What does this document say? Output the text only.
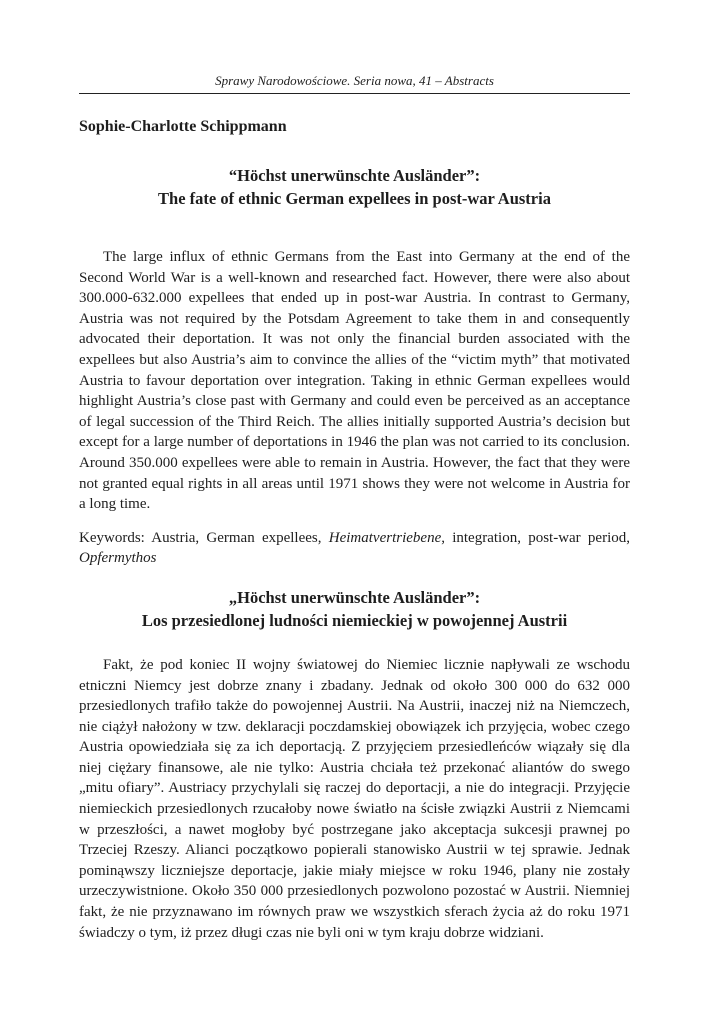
Sprawy Narodowościowe. Seria nowa, 41 – Abstracts
Sophie-Charlotte Schippmann
“Höchst unerwünschte Ausländer”:
The fate of ethnic German expellees in post-war Austria

The large influx of ethnic Germans from the East into Germany at the end of the Second World War is a well-known and researched fact. However, there were also about 300.000-632.000 expellees that ended up in post-war Austria. In contrast to Germany, Austria was not required by the Potsdam Agreement to take them in and consequently advocated their deportation. It was not only the financial burden associated with the expellees but also Austria’s aim to convince the allies of the “victim myth” that motivated Austria to favour deportation over integration. Taking in ethnic German expellees would highlight Austria’s close past with Germany and could even be perceived as an acceptance of legal succession of the Third Reich. The allies initially supported Austria’s decision but except for a large number of deportations in 1946 the plan was not carried to its conclusion. Around 350.000 expellees were able to remain in Austria. However, the fact that they were not granted equal rights in all areas until 1971 shows they were not welcome in Austria for a long time.

Keywords: Austria, German expellees, Heimatvertriebene, integration, post-war period, Opfermythos
„Höchst unerwünschte Ausländer”:
Los przesiedlonej ludności niemieckiej w powojennej Austrii

Fakt, że pod koniec II wojny światowej do Niemiec licznie napływali ze wschodu etniczni Niemcy jest dobrze znany i zbadany. Jednak od około 300 000 do 632 000 przesiedlonych trafiło także do powojennej Austrii. Na Austrii, inaczej niż na Niemczech, nie ciążył nałożony w tzw. deklaracji poczdamskiej obowiązek ich przyjęcia, wobec czego Austria opowiedziała się za ich deportacją. Z przyjęciem przesiedleńców wiązały się dla niej ciężary finansowe, ale nie tylko: Austria chciała też przekonać aliantów do swego „mitu ofiary”. Austriacy przychylali się raczej do deportacji, a nie do integracji. Przyjęcie niemieckich przesiedlonych rzucałoby nowe światło na ścisłe związki Austrii z Niemcami w przeszłości, a nawet mogłoby być postrzegane jako akceptacja sukcesji prawnej po Trzeciej Rzeszy. Alianci początkowo popierali stanowisko Austrii w tej sprawie. Jednak pominąwszy liczniejsze deportacje, jakie miały miejsce w roku 1946, plany nie zostały urzeczywistnione. Około 350 000 przesiedlonych pozwolono pozostać w Austrii. Niemniej fakt, że nie przyznawano im równych praw we wszystkich sferach życia aż do roku 1971 świadczy o tym, iż przez długi czas nie byli oni w tym kraju dobrze widziani.
